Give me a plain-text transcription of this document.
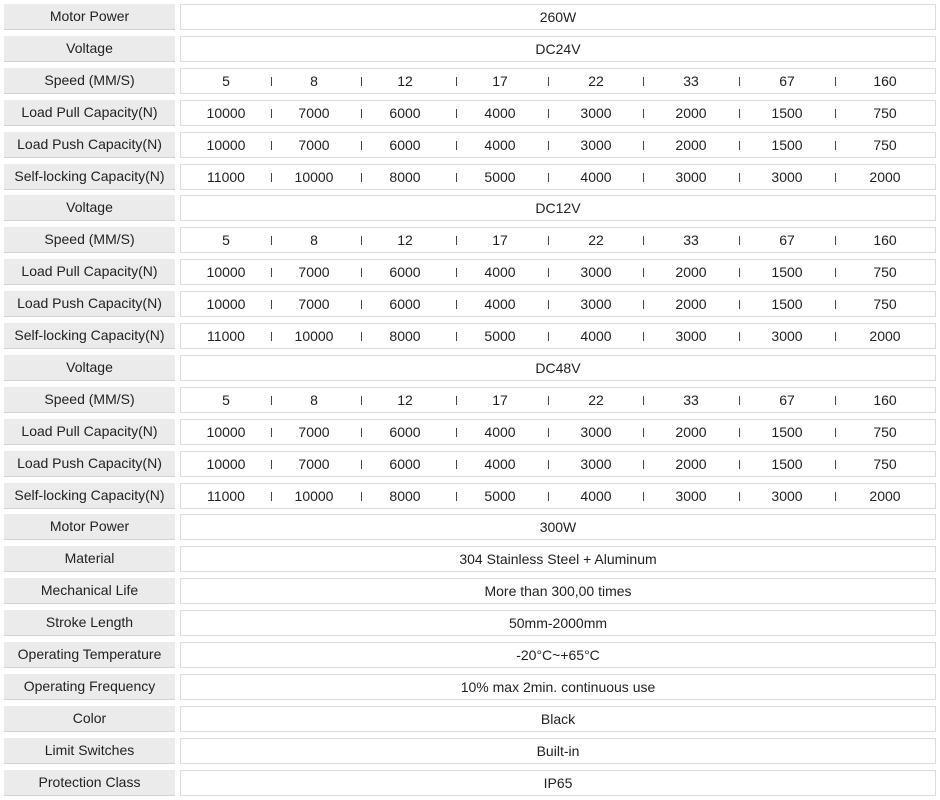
Motor Power	260W
Voltage	DC24V
Speed (MM/S)	5	8	12	17	22	33	67	160
Load Pull Capacity(N)	10000	7000	6000	4000	3000	2000	1500	750
Load Push Capacity(N)	10000	7000	6000	4000	3000	2000	1500	750
Self-locking Capacity(N)	11000	10000	8000	5000	4000	3000	3000	2000
Voltage	DC12V
Speed (MM/S)	5	8	12	17	22	33	67	160
Load Pull Capacity(N)	10000	7000	6000	4000	3000	2000	1500	750
Load Push Capacity(N)	10000	7000	6000	4000	3000	2000	1500	750
Self-locking Capacity(N)	11000	10000	8000	5000	4000	3000	3000	2000
Voltage	DC48V
Speed (MM/S)	5	8	12	17	22	33	67	160
Load Pull Capacity(N)	10000	7000	6000	4000	3000	2000	1500	750
Load Push Capacity(N)	10000	7000	6000	4000	3000	2000	1500	750
Self-locking Capacity(N)	11000	10000	8000	5000	4000	3000	3000	2000
Motor Power	300W
Material	304 Stainless Steel + Aluminum
Mechanical Life	More than 300,00 times
Stroke Length	50mm-2000mm
Operating Temperature	-20°C~+65°C
Operating Frequency	10% max 2min. continuous use
Color	Black
Limit Switches	Built-in
Protection Class	IP65
